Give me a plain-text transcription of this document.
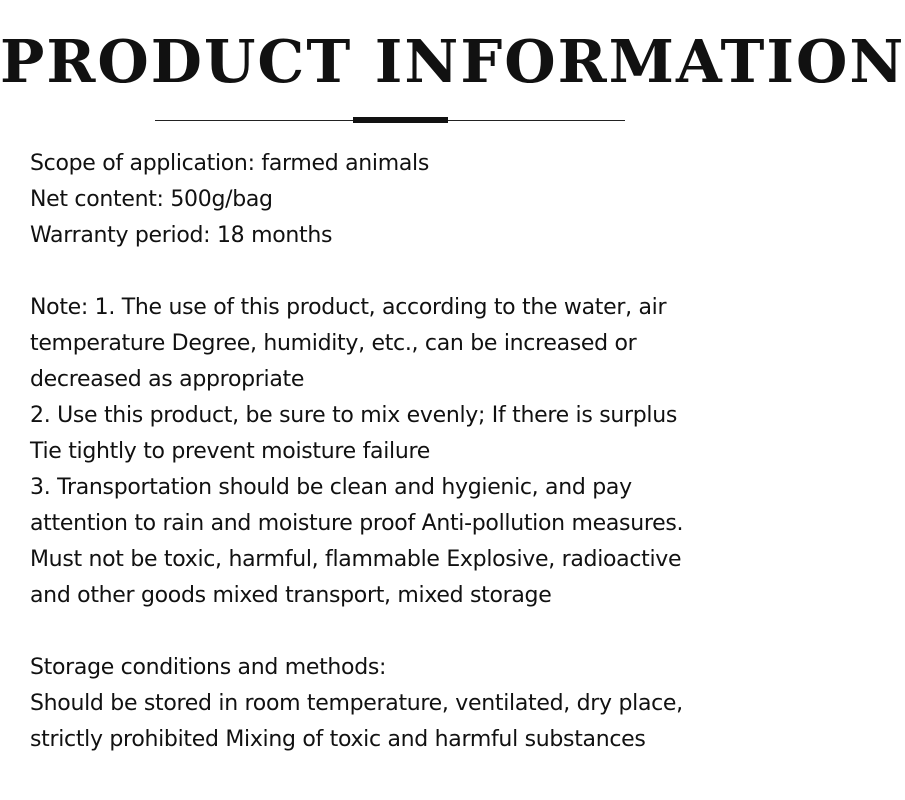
PRODUCT INFORMATION
Scope of application: farmed animals
Net content: 500g/bag
Warranty period: 18 months
Note: 1. The use of this product, according to the water, air
temperature Degree, humidity, etc., can be increased or
decreased as appropriate
2. Use this product, be sure to mix evenly; If there is surplus
Tie tightly to prevent moisture failure
3. Transportation should be clean and hygienic, and pay
attention to rain and moisture proof Anti-pollution measures.
Must not be toxic, harmful, flammable Explosive, radioactive
and other goods mixed transport, mixed storage
Storage conditions and methods:
Should be stored in room temperature, ventilated, dry place,
strictly prohibited Mixing of toxic and harmful substances
